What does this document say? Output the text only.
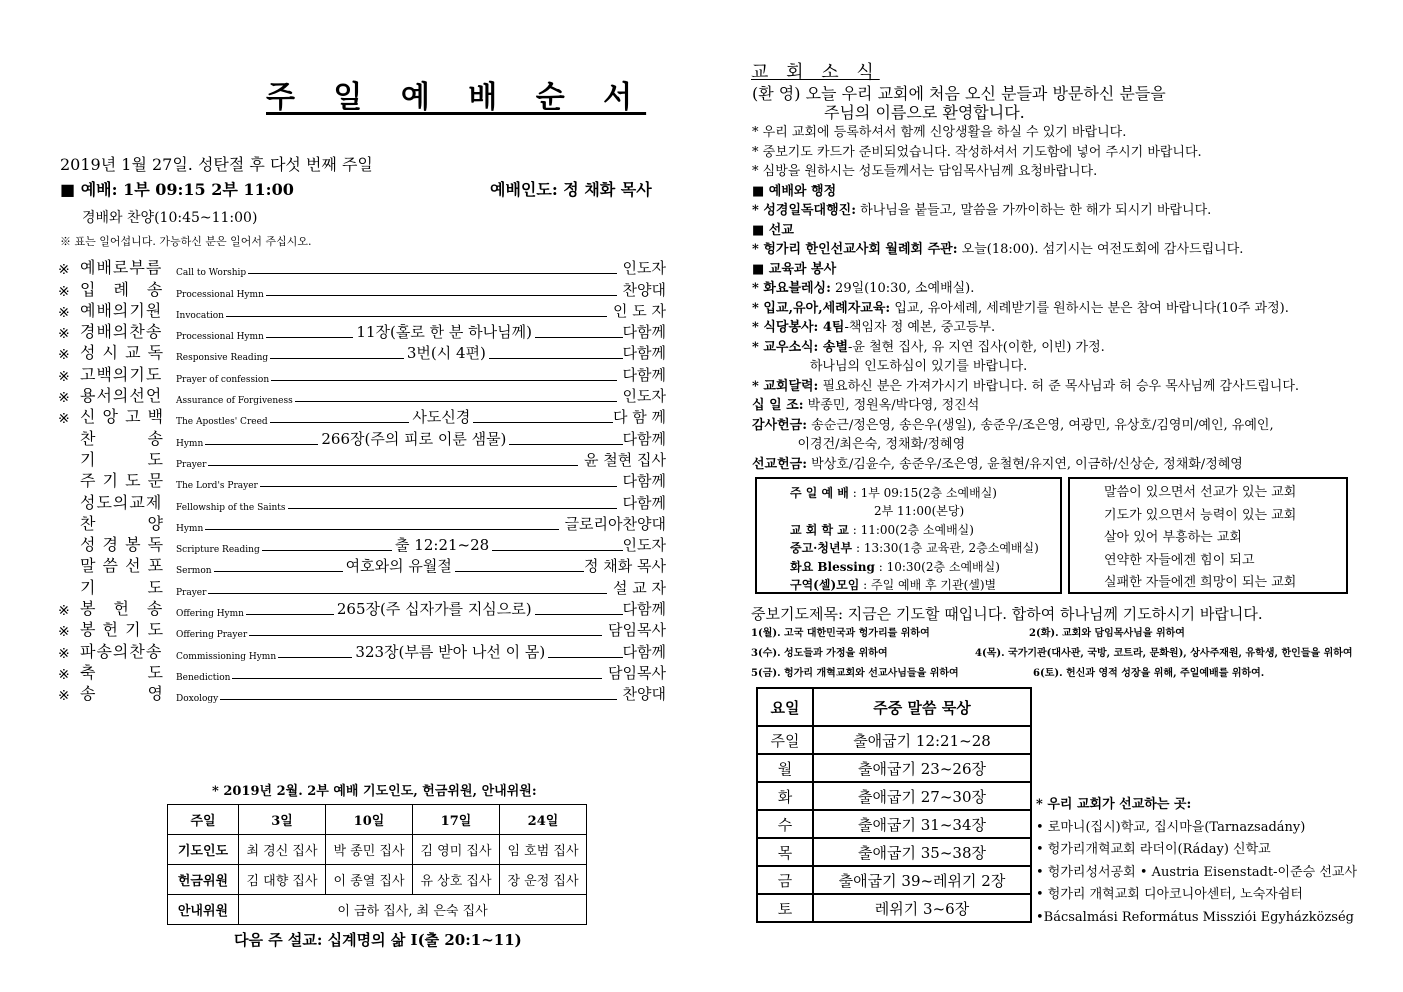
주 일 예 배 순 서
2019년 1월 27일. 성탄절 후 다섯 번째 주일
■ 예배: 1부 09:15 2부 11:00	예배인도: 정 채화 목사
경배와 찬양(10:45~11:00)
※ 표는 일어섭니다. 가능하신 분은 일어서 주십시오.
※ 예배로부름	Call to Worship	인도자
※ 입　례　송	Processional Hymn	찬양대
※ 예배의기원	Invocation	인 도 자
※ 경배의찬송	Processional Hymn	11장(홀로 한 분 하나님께)	다함께
※ 성 시 교 독	Responsive Reading	3번(시 4편)	다함께
※ 고백의기도	Prayer of confession	다함께
※ 용서의선언	Assurance of Forgiveness	인도자
※ 신 앙 고 백	The Apostles' Creed	사도신경	다 함 께
찬　　　송	Hymn	266장(주의 피로 이룬 샘물)	다함께
기　　　도	Prayer	윤 철현 집사
주 기 도 문	The Lord's Prayer	다함께
성도의교제	Fellowship of the Saints	다함께
찬　　　양	Hymn	글로리아찬양대
성 경 봉 독	Scripture Reading	출 12:21~28	인도자
말 씀 선 포	Sermon	여호와의 유월절	정 채화 목사
기　　　도	Prayer	설 교 자
※ 봉　헌　송	Offering Hymn	265장(주 십자가를 지심으로)	다함께
※ 봉 헌 기 도	Offering Prayer	담임목사
※ 파송의찬송	Commissioning Hymn	323장(부름 받아 나선 이 몸)	다함께
※ 축　　　도	Benediction	담임목사
※ 송　　　영	Doxology	찬양대
* 2019년 2월. 2부 예배 기도인도, 헌금위원, 안내위원:
주일	3일	10일	17일	24일
기도인도	최 경신 집사	박 종민 집사	김 영미 집사	임 호범 집사
헌금위원	김 대향 집사	이 종열 집사	유 상호 집사	장 운정 집사
안내위원	이 금하 집사, 최 은숙 집사			
다음 주 설교: 십계명의 삶 I(출 20:1~11)
교 회 소 식
(환 영) 오늘 우리 교회에 처음 오신 분들과 방문하신 분들을
주님의 이름으로 환영합니다.
* 우리 교회에 등록하셔서 함께 신앙생활을 하실 수 있기 바랍니다.
* 중보기도 카드가 준비되었습니다. 작성하셔서 기도함에 넣어 주시기 바랍니다.
* 심방을 원하시는 성도들께서는 담임목사님께 요청바랍니다.
■ 예배와 행정
* 성경일독대행진: 하나님을 붙들고, 말씀을 가까이하는 한 해가 되시기 바랍니다.
■ 선교
* 헝가리 한인선교사회 월례회 주관: 오늘(18:00). 섬기시는 여전도회에 감사드립니다.
■ 교육과 봉사
* 화요블레싱: 29일(10:30, 소예배실).
* 입교,유아,세례자교육: 입교, 유아세례, 세례받기를 원하시는 분은 참여 바랍니다(10주 과정).
* 식당봉사: 4팀-책임자 정 예본, 중고등부.
* 교우소식: 송별-윤 철현 집사, 유 지연 집사(이한, 이빈) 가정.
하나님의 인도하심이 있기를 바랍니다.
* 교회달력: 필요하신 분은 가져가시기 바랍니다. 허 준 목사님과 허 승우 목사님께 감사드립니다.
십 일 조: 박종민, 정원옥/박다영, 정진석
감사헌금: 송순근/정은영, 송은우(생일), 송준우/조은영, 여광민, 유상호/김영미/예인, 유예인,
이경건/최은숙, 정채화/정혜영
선교헌금: 박상호/김윤수, 송준우/조은영, 윤철현/유지연, 이금하/신상순, 정채화/정혜영
주 일 예 배 : 1부 09:15(2층 소예배실)
2부 11:00(본당)
교 회 학 교 : 11:00(2층 소예배실)
중고·청년부 : 13:30(1층 교육관, 2층소예배실)
화요 Blessing : 10:30(2층 소예배실)
구역(셀)모임 : 주일 예배 후 기관(셀)별
말씀이 있으면서 선교가 있는 교회
기도가 있으면서 능력이 있는 교회
살아 있어 부흥하는 교회
연약한 자들에겐 힘이 되고
실패한 자들에겐 희망이 되는 교회
중보기도제목: 지금은 기도할 때입니다. 합하여 하나님께 기도하시기 바랍니다.
1(월). 고국 대한민국과 헝가리를 위하여	2(화). 교회와 담임목사님을 위하여
3(수). 성도들과 가정을 위하여	4(목). 국가기관(대사관, 국방, 코트라, 문화원), 상사주재원, 유학생, 한인들을 위하여
5(금). 헝가리 개혁교회와 선교사님들을 위하여	6(토). 헌신과 영적 성장을 위해, 주일예배를 위하여.
요일	주중 말씀 묵상
주일	출애굽기 12:21~28
월	출애굽기 23~26장
화	출애굽기 27~30장
수	출애굽기 31~34장
목	출애굽기 35~38장
금	출애굽기 39~레위기 2장
토	레위기 3~6장
* 우리 교회가 선교하는 곳:
• 로마니(집시)학교, 집시마을(Tarnazsadány)
• 헝가리개혁교회 라더이(Ráday) 신학교
• 헝가리성서공회 • Austria Eisenstadt-이준승 선교사
• 헝가리 개혁교회 디아코니아센터, 노숙자쉼터
•Bácsalmási Református Missziói Egyházközség
